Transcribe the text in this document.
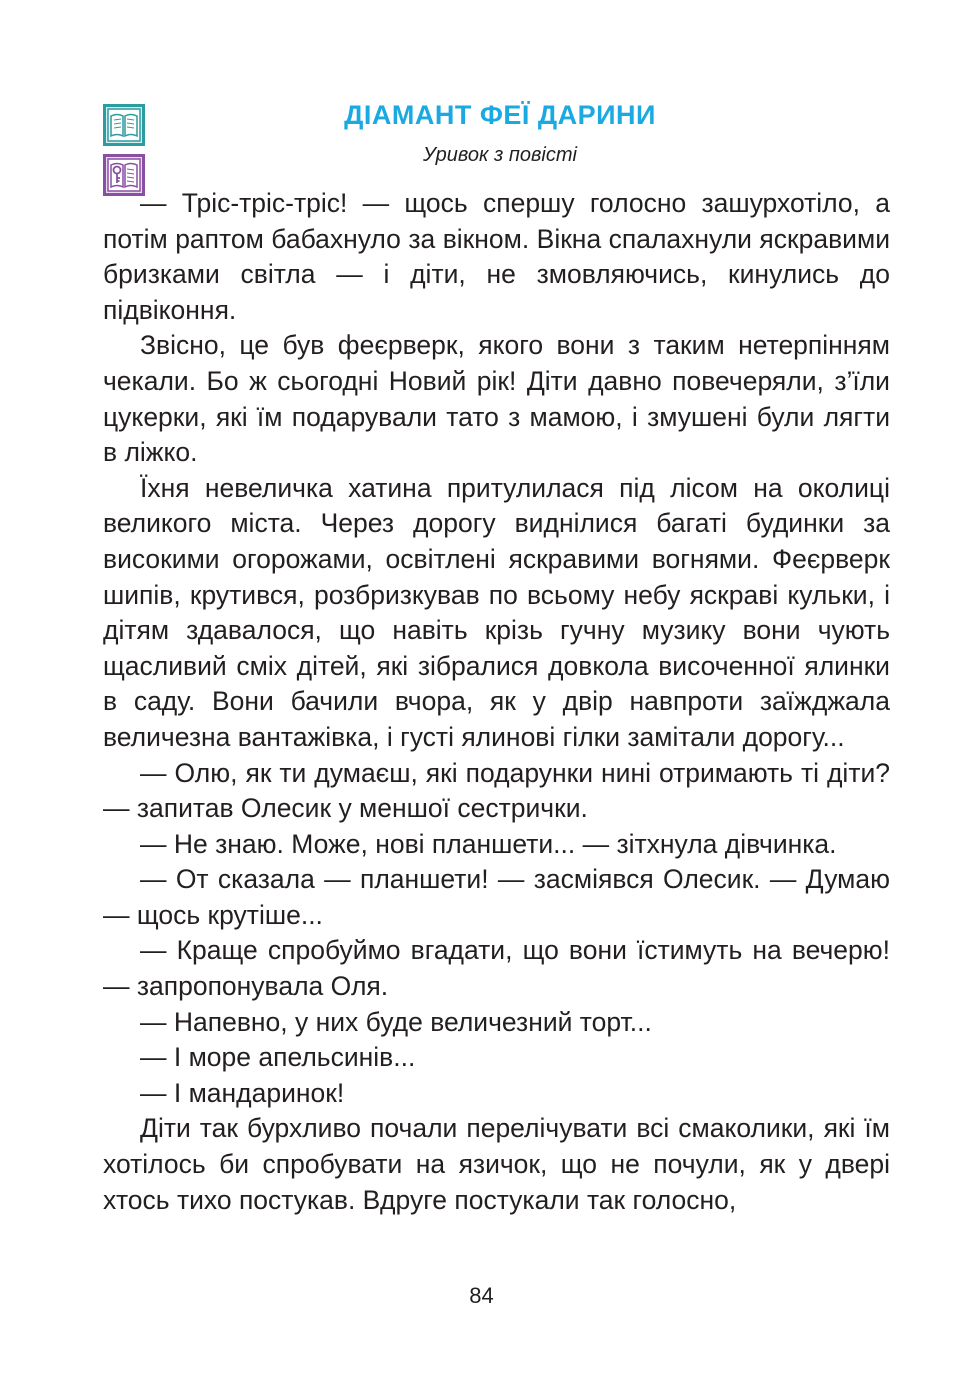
ДІАМАНТ ФЕЇ ДАРИНИ
Уривок з повісті

— Тріс-тріс-тріс! — щось спершу голосно зашурхотіло, а потім раптом бабахнуло за вікном. Вікна спалахнули яскравими бризками світла — і діти, не змовляючись, кинулись до підвіконня.

Звісно, це був феєрверк, якого вони з таким нетерпінням чекали. Бо ж сьогодні Новий рік! Діти давно повечеряли, з’їли цукерки, які їм подарували тато з мамою, і змушені були лягти в ліжко.

Їхня невеличка хатина притулилася під лісом на околиці великого міста. Через дорогу виднілися багаті будинки за високими огорожами, освітлені яскравими вогнями. Феєрверк шипів, крутився, розбризкував по всьому небу яскраві кульки, і дітям здавалося, що навіть крізь гучну музику вони чують щасливий сміх дітей, які зібралися довкола височенної ялинки в саду. Вони бачили вчора, як у двір навпроти заїжджала величезна вантажівка, і густі ялинові гілки замітали дорогу...

— Олю, як ти думаєш, які подарунки нині отримають ті діти? — запитав Олесик у меншої сестрички.

— Не знаю. Може, нові планшети... — зітхнула дівчинка.

— От сказала — планшети! — засміявся Олесик. — Думаю — щось крутіше...

— Краще спробуймо вгадати, що вони їстимуть на вечерю! — запропонувала Оля.

— Напевно, у них буде величезний торт...

— І море апельсинів...

— І мандаринок!

Діти так бурхливо почали перелічувати всі смаколики, які їм хотілось би спробувати на язичок, що не почули, як у двері хтось тихо постукав. Вдруге постукали так голосно,

84
